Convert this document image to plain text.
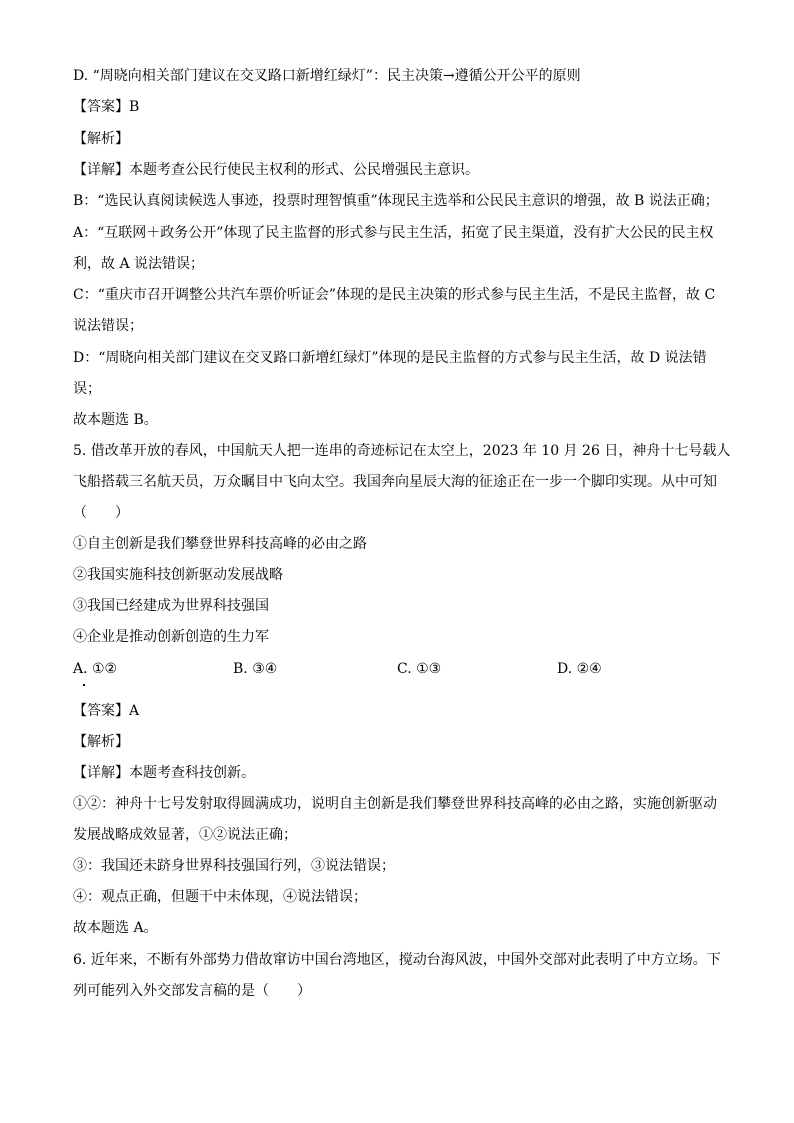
D. “周晓向相关部门建议在交叉路口新增红绿灯”：民主决策→遵循公开公平的原则
【答案】B
【解析】
【详解】本题考查公民行使民主权利的形式、公民增强民主意识。
B：“选民认真阅读候选人事迹，投票时理智慎重”体现民主选举和公民民主意识的增强，故 B 说法正确；
A：“互联网＋政务公开”体现了民主监督的形式参与民主生活，拓宽了民主渠道，没有扩大公民的民主权
利，故 A 说法错误；
C：“重庆市召开调整公共汽车票价听证会”体现的是民主决策的形式参与民主生活，不是民主监督，故 C
说法错误；
D：“周晓向相关部门建议在交叉路口新增红绿灯”体现的是民主监督的方式参与民主生活，故 D 说法错
误；
故本题选 B。
5. 借改革开放的春风，中国航天人把一连串的奇迹标记在太空上，2023 年 10 月 26 日，神舟十七号载人
飞船搭载三名航天员，万众瞩目中飞向太空。我国奔向星辰大海的征途正在一步一个脚印实现。从中可知
（　　）
①自主创新是我们攀登世界科技高峰的必由之路
②我国实施科技创新驱动发展战略
③我国已经建成为世界科技强国
④企业是推动创新创造的生力军
A. ①②	B. ③④	C. ①③	D. ②④
【答案】A
【解析】
【详解】本题考查科技创新。
①②：神舟十七号发射取得圆满成功，说明自主创新是我们攀登世界科技高峰的必由之路，实施创新驱动
发展战略成效显著，①②说法正确；
③：我国还未跻身世界科技强国行列，③说法错误；
④：观点正确，但题干中未体现，④说法错误；
故本题选 A。
6. 近年来，不断有外部势力借故窜访中国台湾地区，搅动台海风波，中国外交部对此表明了中方立场。下
列可能列入外交部发言稿的是（　　）
